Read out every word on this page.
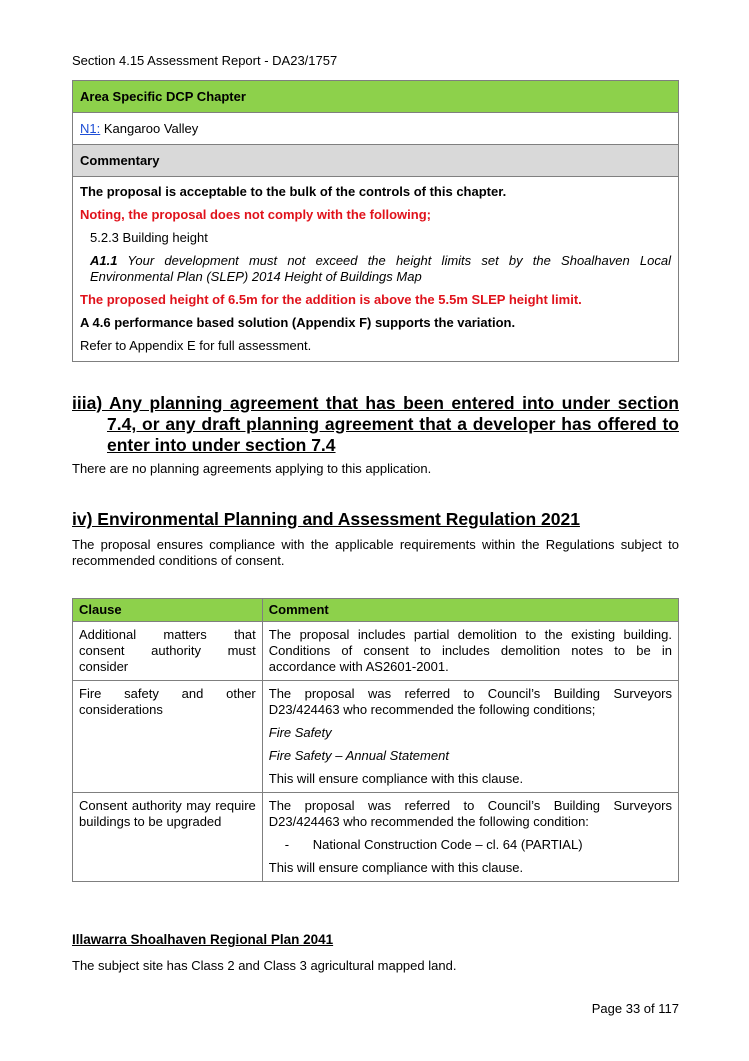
Section 4.15 Assessment Report - DA23/1757
Area Specific DCP Chapter
N1: Kangaroo Valley
Commentary

The proposal is acceptable to the bulk of the controls of this chapter.

Noting, the proposal does not comply with the following;

5.2.3 Building height

A1.1 Your development must not exceed the height limits set by the Shoalhaven Local Environmental Plan (SLEP) 2014 Height of Buildings Map

The proposed height of 6.5m for the addition is above the 5.5m SLEP height limit.

A 4.6 performance based solution (Appendix F) supports the variation.

Refer to Appendix E for full assessment.

iiia) Any planning agreement that has been entered into under section
7.4, or any draft planning agreement that a developer has offered to
enter into under section 7.4
There are no planning agreements applying to this application.
iv) Environmental Planning and Assessment Regulation 2021
The proposal ensures compliance with the applicable requirements within the Regulations subject to recommended conditions of consent.
Clause	Comment

Additional matters that consent authority must consider	The proposal includes partial demolition to the existing building. Conditions of consent to includes demolition notes to be in accordance with AS2601-2001.

Fire safety and other considerations	The proposal was referred to Council’s Building Surveyors D23/424463 who recommended the following conditions;

Fire Safety

Fire Safety – Annual Statement

This will ensure compliance with this clause.

Consent authority may require buildings to be upgraded	The proposal was referred to Council’s Building Surveyors D23/424463 who recommended the following condition:

- National Construction Code – cl. 64 (PARTIAL)

This will ensure compliance with this clause.

Illawarra Shoalhaven Regional Plan 2041
The subject site has Class 2 and Class 3 agricultural mapped land.
Page 33 of 117
